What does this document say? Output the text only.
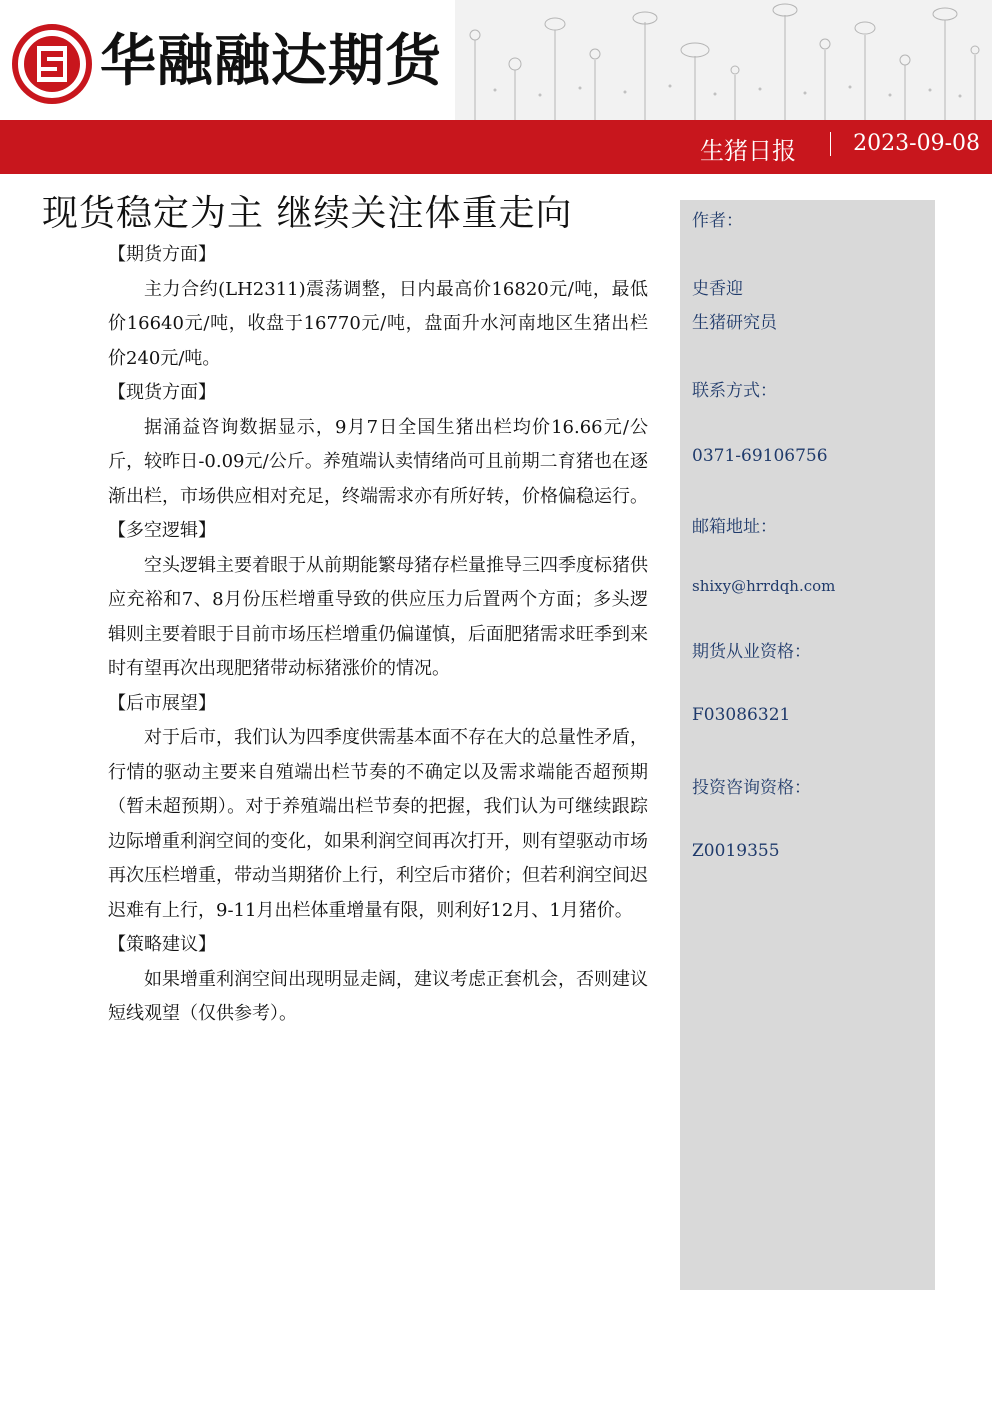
华融融达期货
生猪日报	2023-09-08
现货稳定为主 继续关注体重走向
【期货方面】

主力合约(LH2311)震荡调整，日内最高价16820元/吨，最低价16640元/吨，收盘于16770元/吨，盘面升水河南地区生猪出栏价240元/吨。

【现货方面】

据涌益咨询数据显示，9月7日全国生猪出栏均价16.66元/公斤，较昨日-0.09元/公斤。养殖端认卖情绪尚可且前期二育猪也在逐渐出栏，市场供应相对充足，终端需求亦有所好转，价格偏稳运行。

【多空逻辑】

空头逻辑主要着眼于从前期能繁母猪存栏量推导三四季度标猪供应充裕和7、8月份压栏增重导致的供应压力后置两个方面；多头逻辑则主要着眼于目前市场压栏增重仍偏谨慎，后面肥猪需求旺季到来时有望再次出现肥猪带动标猪涨价的情况。

【后市展望】

对于后市，我们认为四季度供需基本面不存在大的总量性矛盾，行情的驱动主要来自殖端出栏节奏的不确定以及需求端能否超预期（暂未超预期）。对于养殖端出栏节奏的把握，我们认为可继续跟踪边际增重利润空间的变化，如果利润空间再次打开，则有望驱动市场再次压栏增重，带动当期猪价上行，利空后市猪价；但若利润空间迟迟难有上行，9-11月出栏体重增量有限，则利好12月、1月猪价。

【策略建议】

如果增重利润空间出现明显走阔，建议考虑正套机会，否则建议短线观望（仅供参考）。

作者：
史香迎
生猪研究员
联系方式：
0371-69106756
邮箱地址：
shixy@hrrdqh.com
期货从业资格：
F03086321
投资咨询资格：
Z0019355
